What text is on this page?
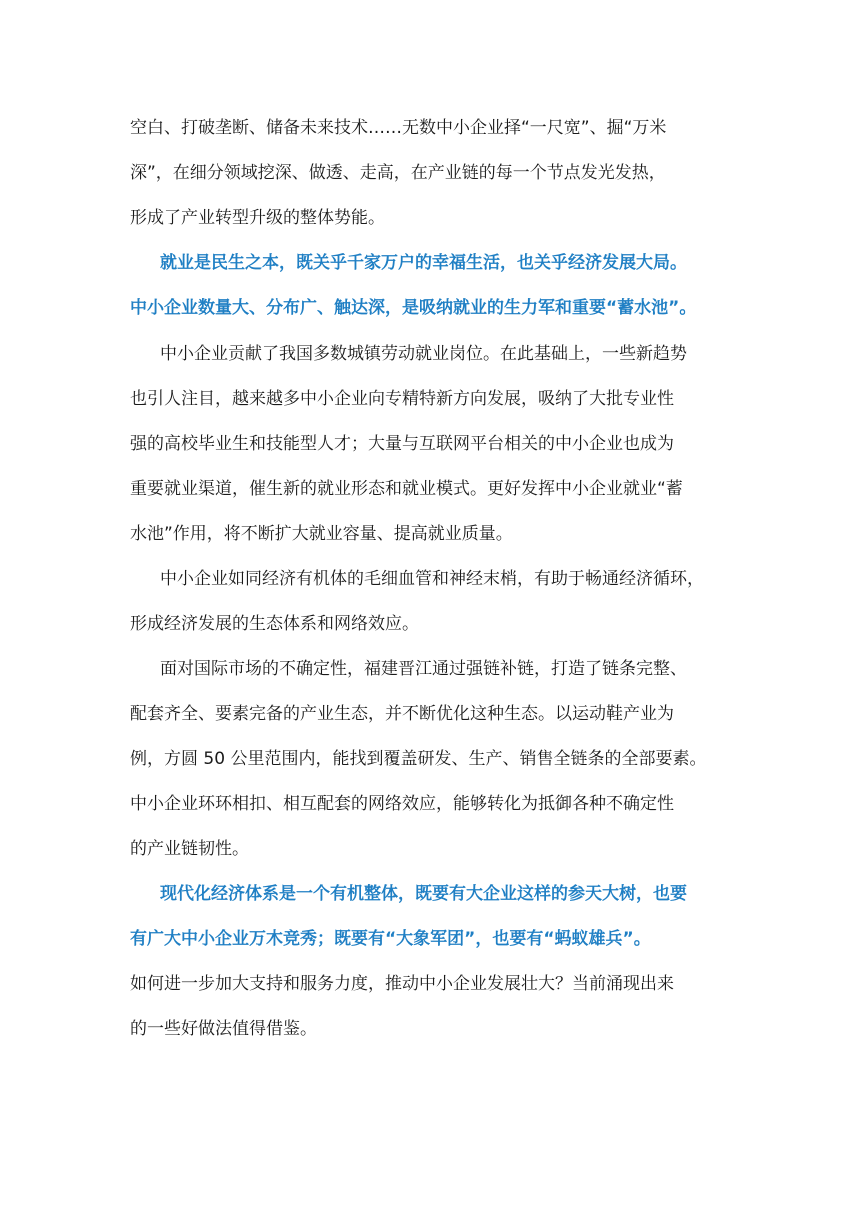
空白、打破垄断、储备未来技术……无数中小企业择“一尺宽”、掘“万米
深”，在细分领域挖深、做透、走高，在产业链的每一个节点发光发热，
形成了产业转型升级的整体势能。
就业是民生之本，既关乎千家万户的幸福生活，也关乎经济发展大局。
中小企业数量大、分布广、触达深，是吸纳就业的生力军和重要“蓄水池”。
中小企业贡献了我国多数城镇劳动就业岗位。在此基础上，一些新趋势
也引人注目，越来越多中小企业向专精特新方向发展，吸纳了大批专业性
强的高校毕业生和技能型人才；大量与互联网平台相关的中小企业也成为
重要就业渠道，催生新的就业形态和就业模式。更好发挥中小企业就业“蓄
水池”作用，将不断扩大就业容量、提高就业质量。
中小企业如同经济有机体的毛细血管和神经末梢，有助于畅通经济循环，
形成经济发展的生态体系和网络效应。
面对国际市场的不确定性，福建晋江通过强链补链，打造了链条完整、
配套齐全、要素完备的产业生态，并不断优化这种生态。以运动鞋产业为
例，方圆 50 公里范围内，能找到覆盖研发、生产、销售全链条的全部要素。
中小企业环环相扣、相互配套的网络效应，能够转化为抵御各种不确定性
的产业链韧性。
现代化经济体系是一个有机整体，既要有大企业这样的参天大树，也要
有广大中小企业万木竞秀；既要有“大象军团”，也要有“蚂蚁雄兵”。
如何进一步加大支持和服务力度，推动中小企业发展壮大？当前涌现出来
的一些好做法值得借鉴。
